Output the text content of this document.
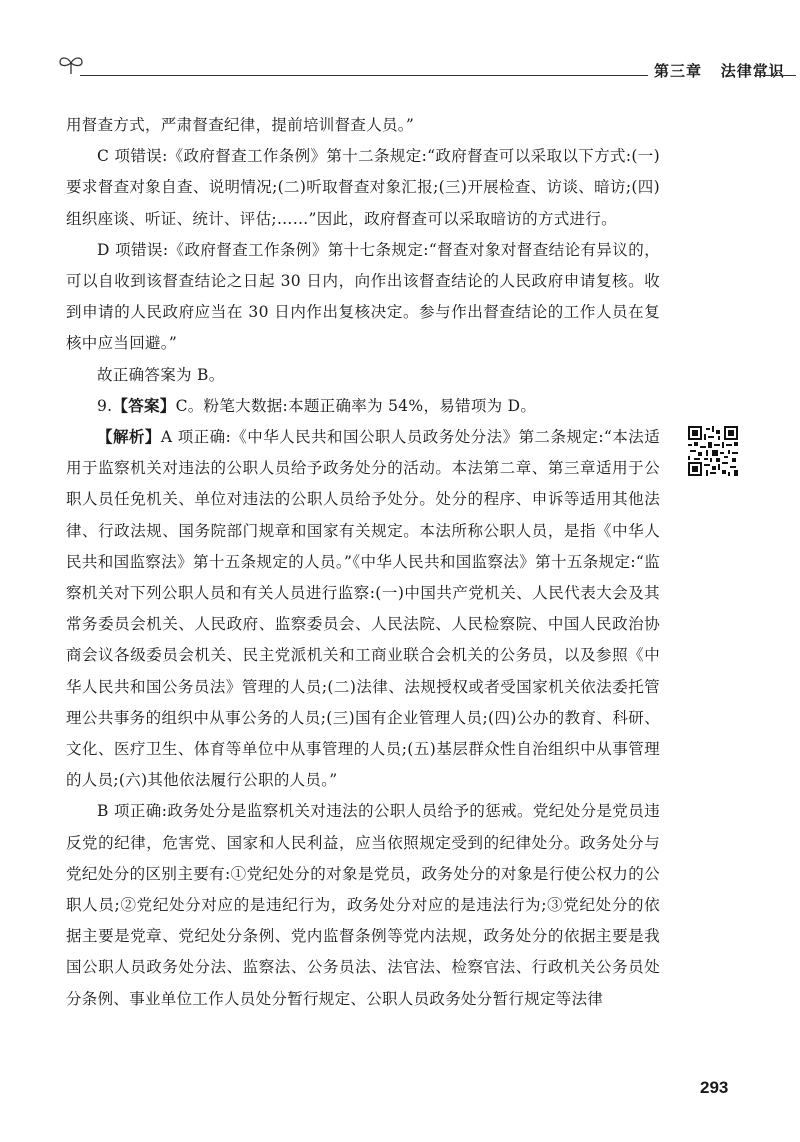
第三章 法律常识

用督查方式，严肃督查纪律，提前培训督查人员。”

C 项错误:《政府督查工作条例》第十二条规定:“政府督查可以采取以下方式:(一)要求督查对象自查、说明情况;(二)听取督查对象汇报;(三)开展检查、访谈、暗访;(四)组织座谈、听证、统计、评估;……”因此，政府督查可以采取暗访的方式进行。

D 项错误:《政府督查工作条例》第十七条规定:“督查对象对督查结论有异议的，可以自收到该督查结论之日起 30 日内，向作出该督查结论的人民政府申请复核。收到申请的人民政府应当在 30 日内作出复核决定。参与作出督查结论的工作人员在复核中应当回避。”

故正确答案为 B。

9.【答案】C。粉笔大数据:本题正确率为 54%，易错项为 D。

【解析】A 项正确:《中华人民共和国公职人员政务处分法》第二条规定:“本法适用于监察机关对违法的公职人员给予政务处分的活动。本法第二章、第三章适用于公职人员任免机关、单位对违法的公职人员给予处分。处分的程序、申诉等适用其他法律、行政法规、国务院部门规章和国家有关规定。本法所称公职人员，是指《中华人民共和国监察法》第十五条规定的人员。”《中华人民共和国监察法》第十五条规定:“监察机关对下列公职人员和有关人员进行监察:(一)中国共产党机关、人民代表大会及其常务委员会机关、人民政府、监察委员会、人民法院、人民检察院、中国人民政治协商会议各级委员会机关、民主党派机关和工商业联合会机关的公务员，以及参照《中华人民共和国公务员法》管理的人员;(二)法律、法规授权或者受国家机关依法委托管理公共事务的组织中从事公务的人员;(三)国有企业管理人员;(四)公办的教育、科研、文化、医疗卫生、体育等单位中从事管理的人员;(五)基层群众性自治组织中从事管理的人员;(六)其他依法履行公职的人员。”

B 项正确:政务处分是监察机关对违法的公职人员给予的惩戒。党纪处分是党员违反党的纪律，危害党、国家和人民利益，应当依照规定受到的纪律处分。政务处分与党纪处分的区别主要有:①党纪处分的对象是党员，政务处分的对象是行使公权力的公职人员;②党纪处分对应的是违纪行为，政务处分对应的是违法行为;③党纪处分的依据主要是党章、党纪处分条例、党内监督条例等党内法规，政务处分的依据主要是我国公职人员政务处分法、监察法、公务员法、法官法、检察官法、行政机关公务员处分条例、事业单位工作人员处分暂行规定、公职人员政务处分暂行规定等法律

293
